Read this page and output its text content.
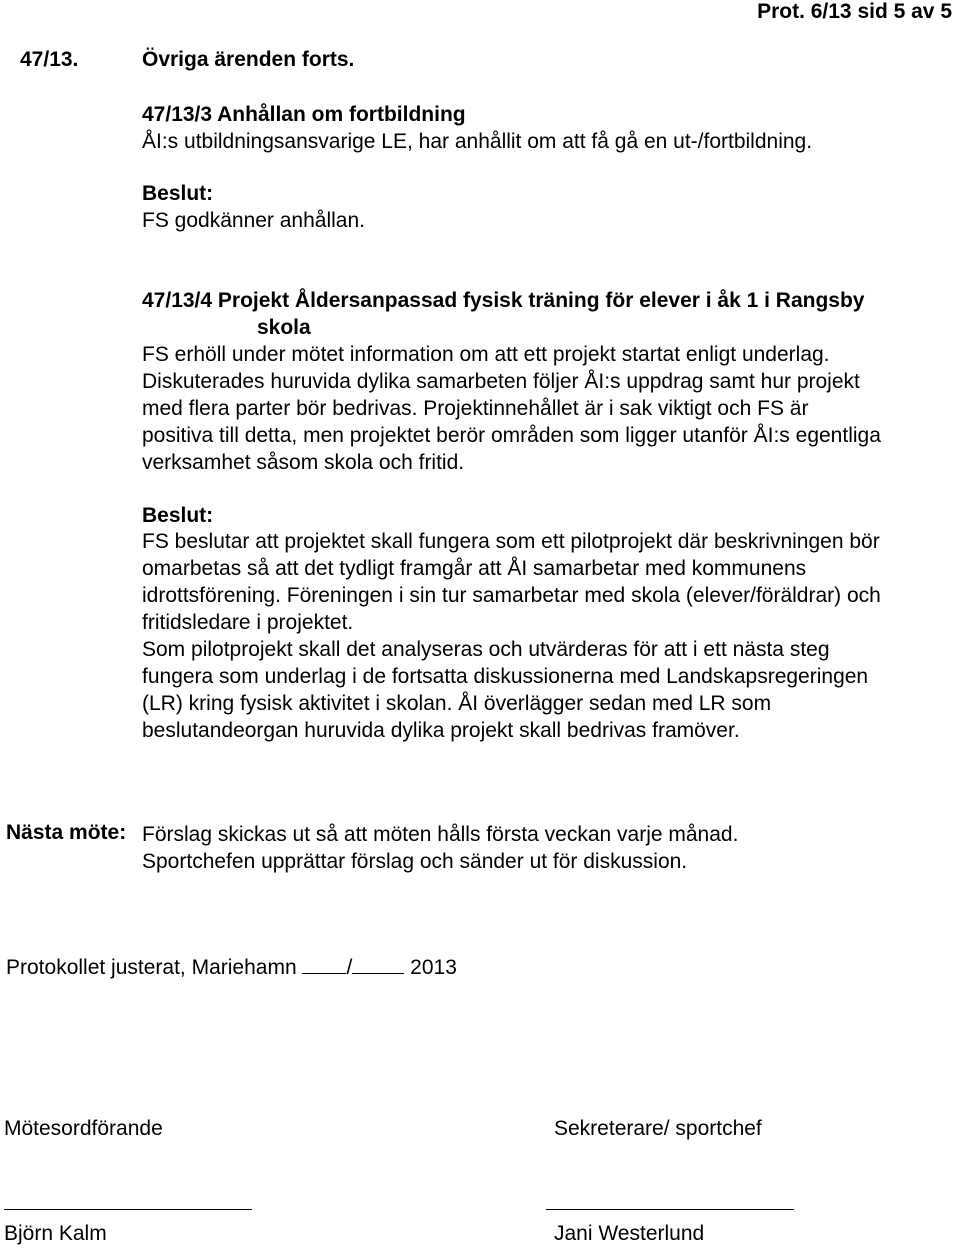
Prot. 6/13 sid 5 av 5
47/13.	Övriga ärenden forts.

47/13/3 Anhållan om fortbildning

ÅI:s utbildningsansvarige LE, har anhållit om att få gå en ut-/fortbildning.

Beslut:

FS godkänner anhållan.

47/13/4 Projekt Åldersanpassad fysisk träning för elever i åk 1 i Rangsby

skola

FS erhöll under mötet information om att ett projekt startat enligt underlag.

Diskuterades huruvida dylika samarbeten följer ÅI:s uppdrag samt hur projekt

med flera parter bör bedrivas. Projektinnehållet är i sak viktigt och FS är

positiva till detta, men projektet berör områden som ligger utanför ÅI:s egentliga

verksamhet såsom skola och fritid.

Beslut:

FS beslutar att projektet skall fungera som ett pilotprojekt där beskrivningen bör

omarbetas så att det tydligt framgår att ÅI samarbetar med kommunens

idrottsförening. Föreningen i sin tur samarbetar med skola (elever/föräldrar) och

fritidsledare i projektet.

Som pilotprojekt skall det analyseras och utvärderas för att i ett nästa steg

fungera som underlag i de fortsatta diskussionerna med Landskapsregeringen

(LR) kring fysisk aktivitet i skolan. ÅI överlägger sedan med LR som

beslutandeorgan huruvida dylika projekt skall bedrivas framöver.

Nästa möte: Förslag skickas ut så att möten hålls första veckan varje månad.

Sportchefen upprättar förslag och sänder ut för diskussion.

Protokollet justerat, Mariehamn /	2013
Mötesordförande	Sekreterare/ sportchef
Björn Kalm	Jani Westerlund
